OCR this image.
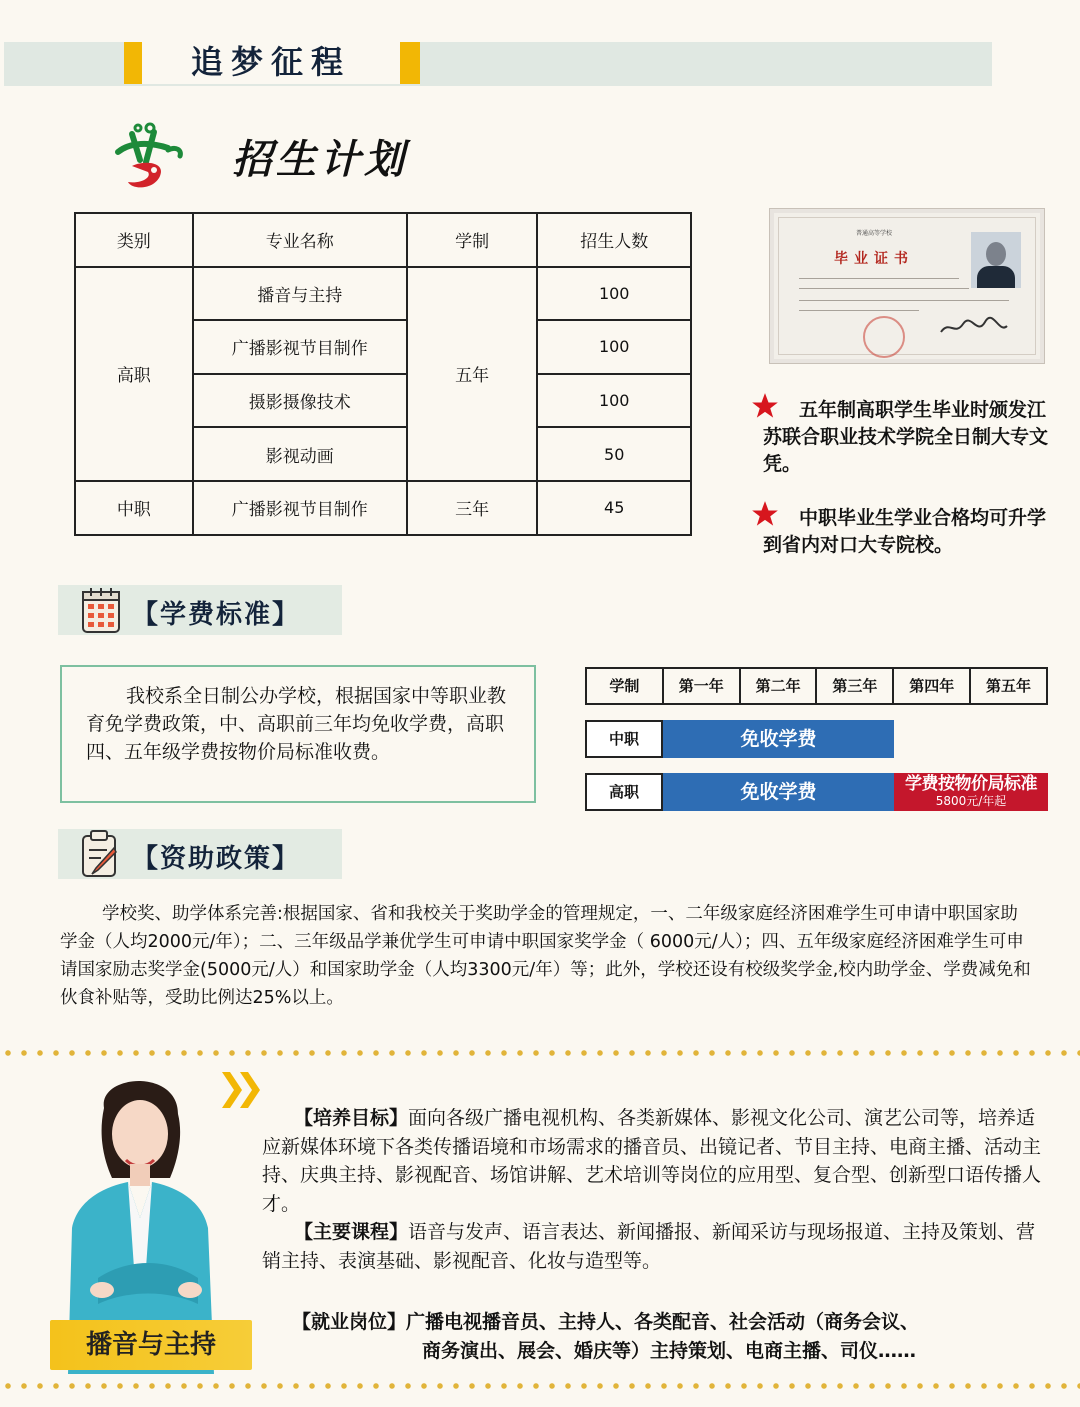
追梦征程
招生计划
类别	专业名称	学制	招生人数
高职	播音与主持	五年	100
	广播影视节目制作		100
	摄影摄像技术		100
	影视动画		50
中职	广播影视节目制作	三年	45
普通高等学校
毕业证书
五年制高职学生毕业时颁发江苏联合职业技术学院全日制大专文凭。
中职毕业生学业合格均可升学到省内对口大专院校。
【学费标准】
我校系全日制公办学校，根据国家中等职业教育免学费政策，中、高职前三年均免收学费，高职四、五年级学费按物价局标准收费。
学制	第一年	第二年	第三年	第四年	第五年
中职	免收学费
高职	免收学费	学费按物价局标准
5800元/年起
【资助政策】
学校奖、助学体系完善:根据国家、省和我校关于奖助学金的管理规定，一、二年级家庭经济困难学生可申请中职国家助学金（人均2000元/年）；二、三年级品学兼优学生可申请中职国家奖学金（ 6000元/人）；四、五年级家庭经济困难学生可申请国家励志奖学金(5000元/人）和国家助学金（人均3300元/年）等；此外，学校还设有校级奖学金,校内助学金、学费减免和伙食补贴等，受助比例达25%以上。
播音与主持
【培养目标】面向各级广播电视机构、各类新媒体、影视文化公司、演艺公司等，培养适应新媒体环境下各类传播语境和市场需求的播音员、出镜记者、节目主持、电商主播、活动主持、庆典主持、影视配音、场馆讲解、艺术培训等岗位的应用型、复合型、创新型口语传播人才。
【主要课程】语音与发声、语言表达、新闻播报、新闻采访与现场报道、主持及策划、营销主持、表演基础、影视配音、化妆与造型等。
【就业岗位】广播电视播音员、主持人、各类配音、社会活动（商务会议、
商务演出、展会、婚庆等）主持策划、电商主播、司仪……
